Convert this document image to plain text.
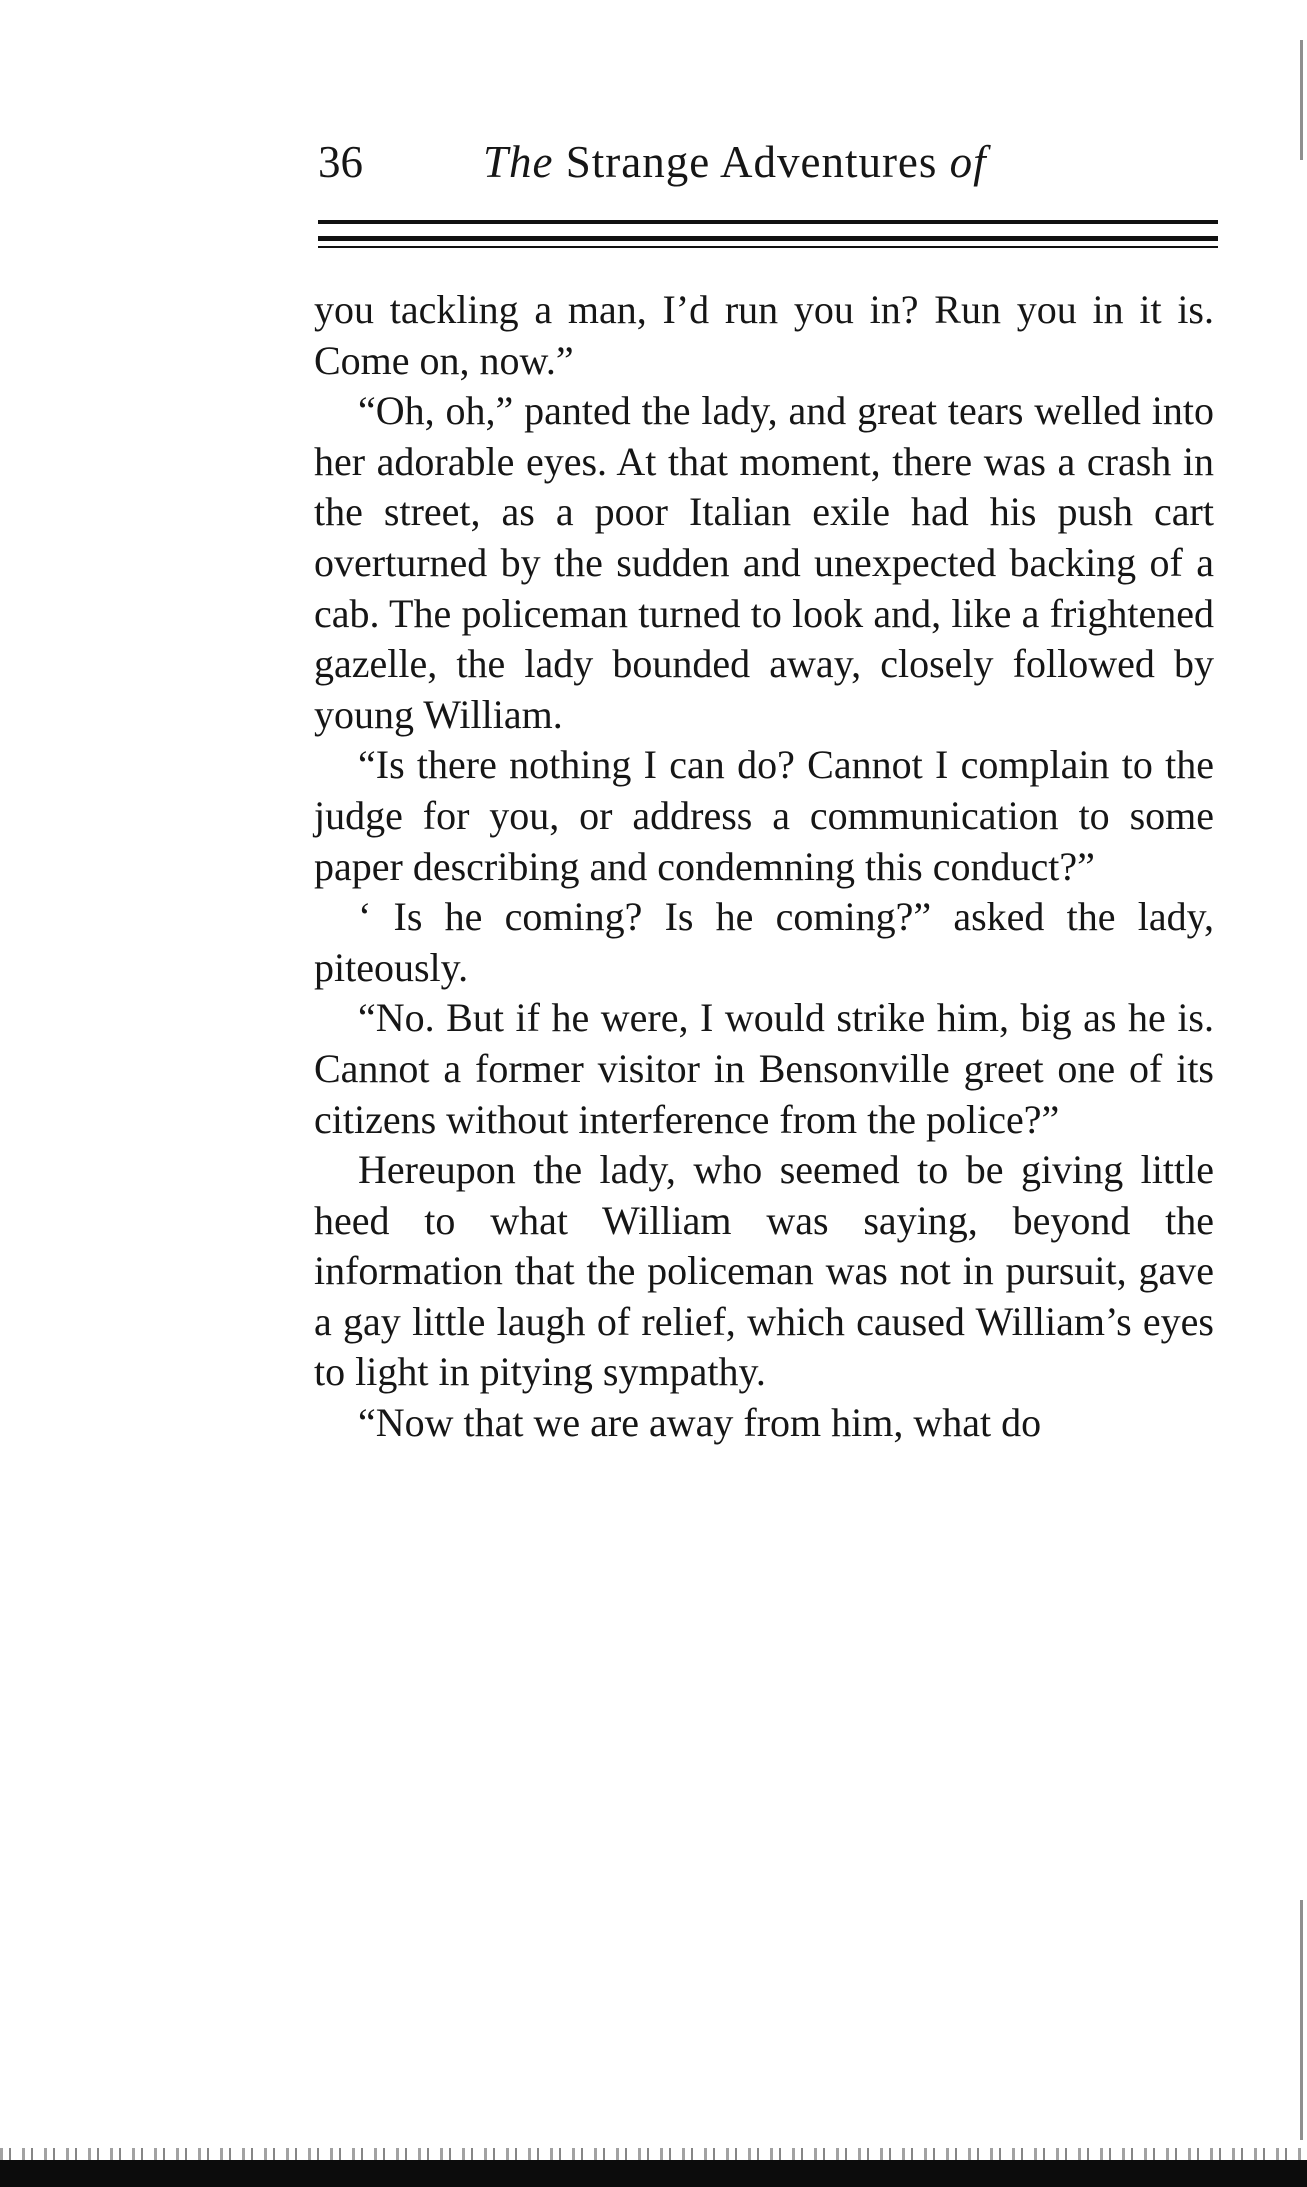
36	The Strange Adventures of

you tackling a man, I’d run you in? Run you in it is. Come on, now.”

“Oh, oh,” panted the lady, and great tears welled into her adorable eyes. At that moment, there was a crash in the street, as a poor Italian exile had his push cart overturned by the sudden and unexpected backing of a cab. The policeman turned to look and, like a frightened gazelle, the lady bounded away, closely followed by young William.

“Is there nothing I can do? Cannot I complain to the judge for you, or address a communication to some paper describing and condemning this conduct?”

‘ Is he coming? Is he coming?” asked the lady, piteously.

“No. But if he were, I would strike him, big as he is. Cannot a former visitor in Bensonville greet one of its citizens without interference from the police?”

Hereupon the lady, who seemed to be giving little heed to what William was saying, beyond the information that the policeman was not in pursuit, gave a gay little laugh of relief, which caused William’s eyes to light in pitying sympathy.

“Now that we are away from him, what do
